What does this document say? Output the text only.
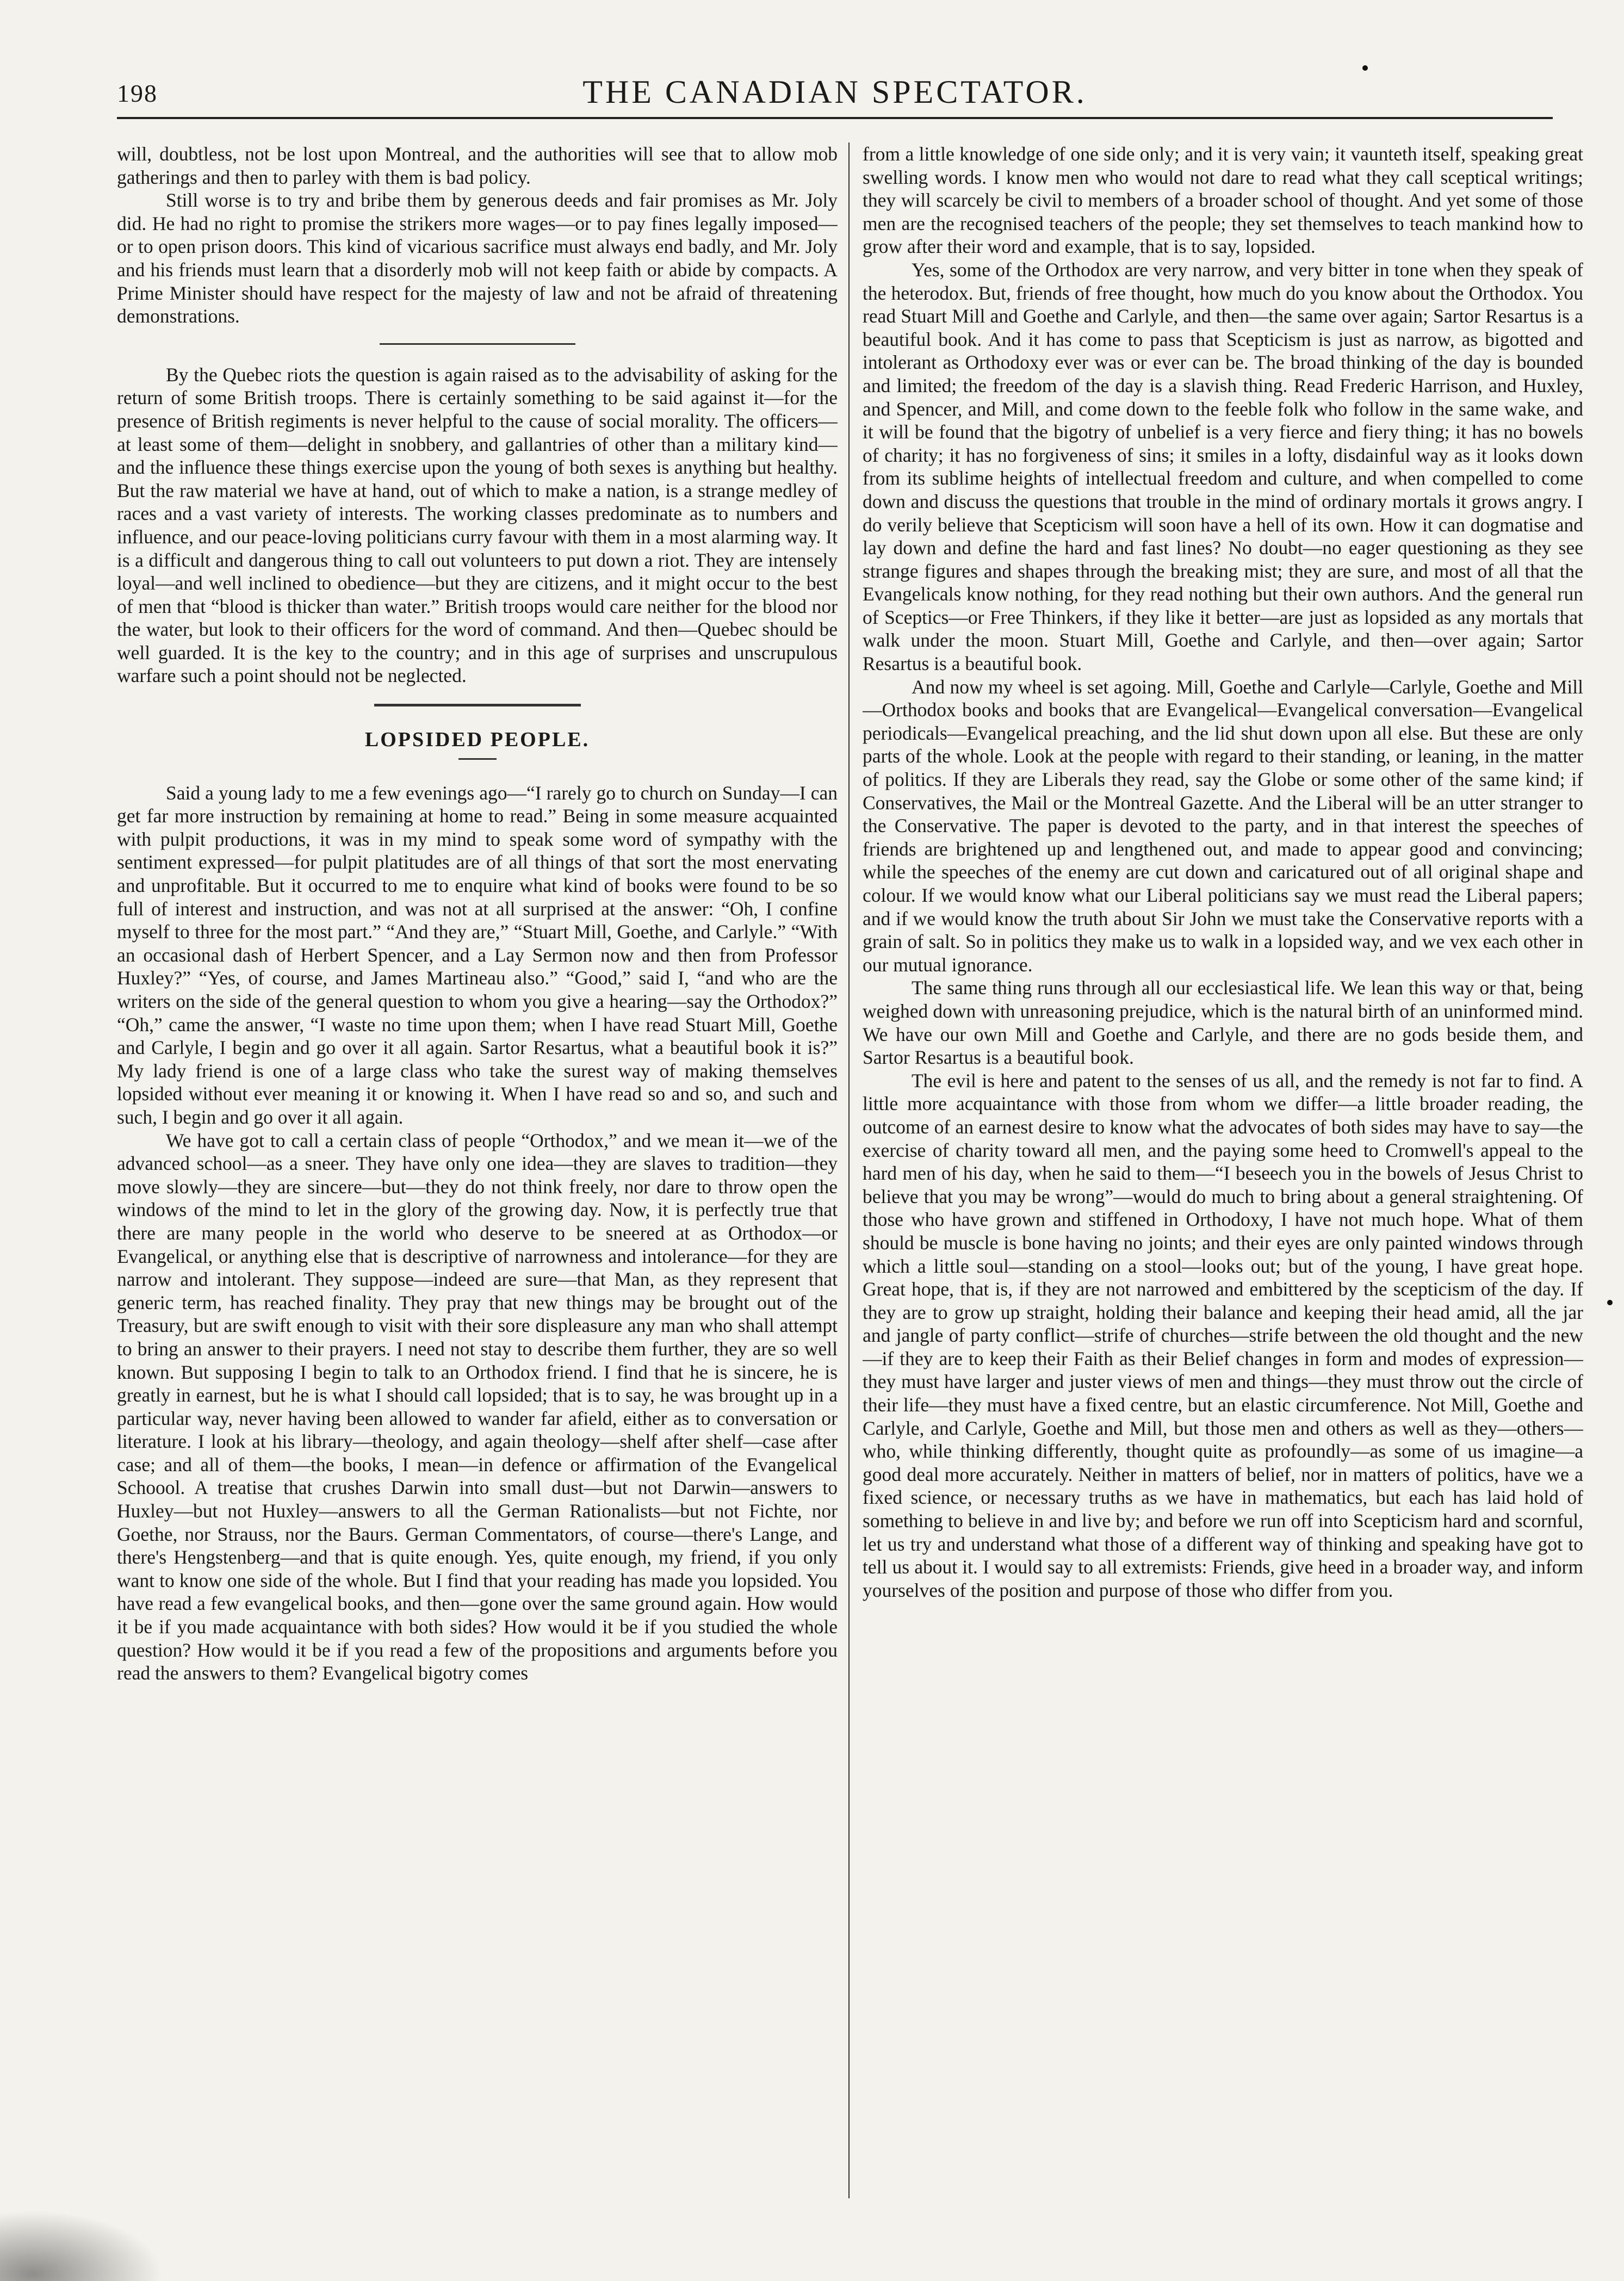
198	THE CANADIAN SPECTATOR.

will, doubtless, not be lost upon Montreal, and the authorities will see that to allow mob gatherings and then to parley with them is bad policy.

Still worse is to try and bribe them by generous deeds and fair promises as Mr. Joly did. He had no right to promise the strikers more wages—or to pay fines legally imposed—or to open prison doors. This kind of vicarious sacrifice must always end badly, and Mr. Joly and his friends must learn that a disorderly mob will not keep faith or abide by compacts. A Prime Minister should have respect for the majesty of law and not be afraid of threatening demonstrations.

By the Quebec riots the question is again raised as to the advisability of asking for the return of some British troops. There is certainly something to be said against it—for the presence of British regiments is never helpful to the cause of social morality. The officers—at least some of them—delight in snobbery, and gallantries of other than a military kind—and the influence these things exercise upon the young of both sexes is anything but healthy. But the raw material we have at hand, out of which to make a nation, is a strange medley of races and a vast variety of interests. The working classes predominate as to numbers and influence, and our peace-loving politicians curry favour with them in a most alarming way. It is a difficult and dangerous thing to call out volunteers to put down a riot. They are intensely loyal—and well inclined to obedience—but they are citizens, and it might occur to the best of men that “blood is thicker than water.” British troops would care neither for the blood nor the water, but look to their officers for the word of command. And then—Quebec should be well guarded. It is the key to the country; and in this age of surprises and unscrupulous warfare such a point should not be neglected.

LOPSIDED PEOPLE.

Said a young lady to me a few evenings ago—“I rarely go to church on Sunday—I can get far more instruction by remaining at home to read.” Being in some measure acquainted with pulpit productions, it was in my mind to speak some word of sympathy with the sentiment expressed—for pulpit platitudes are of all things of that sort the most enervating and unprofitable. But it occurred to me to enquire what kind of books were found to be so full of interest and instruction, and was not at all surprised at the answer: “Oh, I confine myself to three for the most part.” “And they are,” “Stuart Mill, Goethe, and Carlyle.” “With an occasional dash of Herbert Spencer, and a Lay Sermon now and then from Professor Huxley?” “Yes, of course, and James Martineau also.” “Good,” said I, “and who are the writers on the side of the general question to whom you give a hearing—say the Orthodox?” “Oh,” came the answer, “I waste no time upon them; when I have read Stuart Mill, Goethe and Carlyle, I begin and go over it all again. Sartor Resartus, what a beautiful book it is?” My lady friend is one of a large class who take the surest way of making themselves lopsided without ever meaning it or knowing it. When I have read so and so, and such and such, I begin and go over it all again.

We have got to call a certain class of people “Orthodox,” and we mean it—we of the advanced school—as a sneer. They have only one idea—they are slaves to tradition—they move slowly—they are sincere—but—they do not think freely, nor dare to throw open the windows of the mind to let in the glory of the growing day. Now, it is perfectly true that there are many people in the world who deserve to be sneered at as Orthodox—or Evangelical, or anything else that is descriptive of narrowness and intolerance—for they are narrow and intolerant. They suppose—indeed are sure—that Man, as they represent that generic term, has reached finality. They pray that new things may be brought out of the Treasury, but are swift enough to visit with their sore displeasure any man who shall attempt to bring an answer to their prayers. I need not stay to describe them further, they are so well known. But supposing I begin to talk to an Orthodox friend. I find that he is sincere, he is greatly in earnest, but he is what I should call lopsided; that is to say, he was brought up in a particular way, never having been allowed to wander far afield, either as to conversation or literature. I look at his library—theology, and again theology—shelf after shelf—case after case; and all of them—the books, I mean—in defence or affirmation of the Evangelical Schoool. A treatise that crushes Darwin into small dust—but not Darwin—answers to Huxley—but not Huxley—answers to all the German Rationalists—but not Fichte, nor Goethe, nor Strauss, nor the Baurs. German Commentators, of course—there's Lange, and there's Hengstenberg—and that is quite enough. Yes, quite enough, my friend, if you only want to know one side of the whole. But I find that your reading has made you lopsided. You have read a few evangelical books, and then—gone over the same ground again. How would it be if you made acquaintance with both sides? How would it be if you studied the whole question? How would it be if you read a few of the propositions and arguments before you read the answers to them? Evangelical bigotry comes

from a little knowledge of one side only; and it is very vain; it vaunteth itself, speaking great swelling words. I know men who would not dare to read what they call sceptical writings; they will scarcely be civil to members of a broader school of thought. And yet some of those men are the recognised teachers of the people; they set themselves to teach mankind how to grow after their word and example, that is to say, lopsided.

Yes, some of the Orthodox are very narrow, and very bitter in tone when they speak of the heterodox. But, friends of free thought, how much do you know about the Orthodox. You read Stuart Mill and Goethe and Carlyle, and then—the same over again; Sartor Resartus is a beautiful book. And it has come to pass that Scepticism is just as narrow, as bigotted and intolerant as Orthodoxy ever was or ever can be. The broad thinking of the day is bounded and limited; the freedom of the day is a slavish thing. Read Frederic Harrison, and Huxley, and Spencer, and Mill, and come down to the feeble folk who follow in the same wake, and it will be found that the bigotry of unbelief is a very fierce and fiery thing; it has no bowels of charity; it has no forgiveness of sins; it smiles in a lofty, disdainful way as it looks down from its sublime heights of intellectual freedom and culture, and when compelled to come down and discuss the questions that trouble in the mind of ordinary mortals it grows angry. I do verily believe that Scepticism will soon have a hell of its own. How it can dogmatise and lay down and define the hard and fast lines? No doubt—no eager questioning as they see strange figures and shapes through the breaking mist; they are sure, and most of all that the Evangelicals know nothing, for they read nothing but their own authors. And the general run of Sceptics—or Free Thinkers, if they like it better—are just as lopsided as any mortals that walk under the moon. Stuart Mill, Goethe and Carlyle, and then—over again; Sartor Resartus is a beautiful book.

And now my wheel is set agoing. Mill, Goethe and Carlyle—Carlyle, Goethe and Mill—Orthodox books and books that are Evangelical—Evangelical conversation—Evangelical periodicals—Evangelical preaching, and the lid shut down upon all else. But these are only parts of the whole. Look at the people with regard to their standing, or leaning, in the matter of politics. If they are Liberals they read, say the Globe or some other of the same kind; if Conservatives, the Mail or the Montreal Gazette. And the Liberal will be an utter stranger to the Conservative. The paper is devoted to the party, and in that interest the speeches of friends are brightened up and lengthened out, and made to appear good and convincing; while the speeches of the enemy are cut down and caricatured out of all original shape and colour. If we would know what our Liberal politicians say we must read the Liberal papers; and if we would know the truth about Sir John we must take the Conservative reports with a grain of salt. So in politics they make us to walk in a lopsided way, and we vex each other in our mutual ignorance.

The same thing runs through all our ecclesiastical life. We lean this way or that, being weighed down with unreasoning prejudice, which is the natural birth of an uninformed mind. We have our own Mill and Goethe and Carlyle, and there are no gods beside them, and Sartor Resartus is a beautiful book.

The evil is here and patent to the senses of us all, and the remedy is not far to find. A little more acquaintance with those from whom we differ—a little broader reading, the outcome of an earnest desire to know what the advocates of both sides may have to say—the exercise of charity toward all men, and the paying some heed to Cromwell's appeal to the hard men of his day, when he said to them—“I beseech you in the bowels of Jesus Christ to believe that you may be wrong”—would do much to bring about a general straightening. Of those who have grown and stiffened in Orthodoxy, I have not much hope. What of them should be muscle is bone having no joints; and their eyes are only painted windows through which a little soul—standing on a stool—looks out; but of the young, I have great hope. Great hope, that is, if they are not narrowed and embittered by the scepticism of the day. If they are to grow up straight, holding their balance and keeping their head amid, all the jar and jangle of party conflict—strife of churches—strife between the old thought and the new—if they are to keep their Faith as their Belief changes in form and modes of expression—they must have larger and juster views of men and things—they must throw out the circle of their life—they must have a fixed centre, but an elastic circumference. Not Mill, Goethe and Carlyle, and Carlyle, Goethe and Mill, but those men and others as well as they—others—who, while thinking differently, thought quite as profoundly—as some of us imagine—a good deal more accurately. Neither in matters of belief, nor in matters of politics, have we a fixed science, or necessary truths as we have in mathematics, but each has laid hold of something to believe in and live by; and before we run off into Scepticism hard and scornful, let us try and understand what those of a different way of thinking and speaking have got to tell us about it. I would say to all extremists: Friends, give heed in a broader way, and inform yourselves of the position and purpose of those who differ from you.
